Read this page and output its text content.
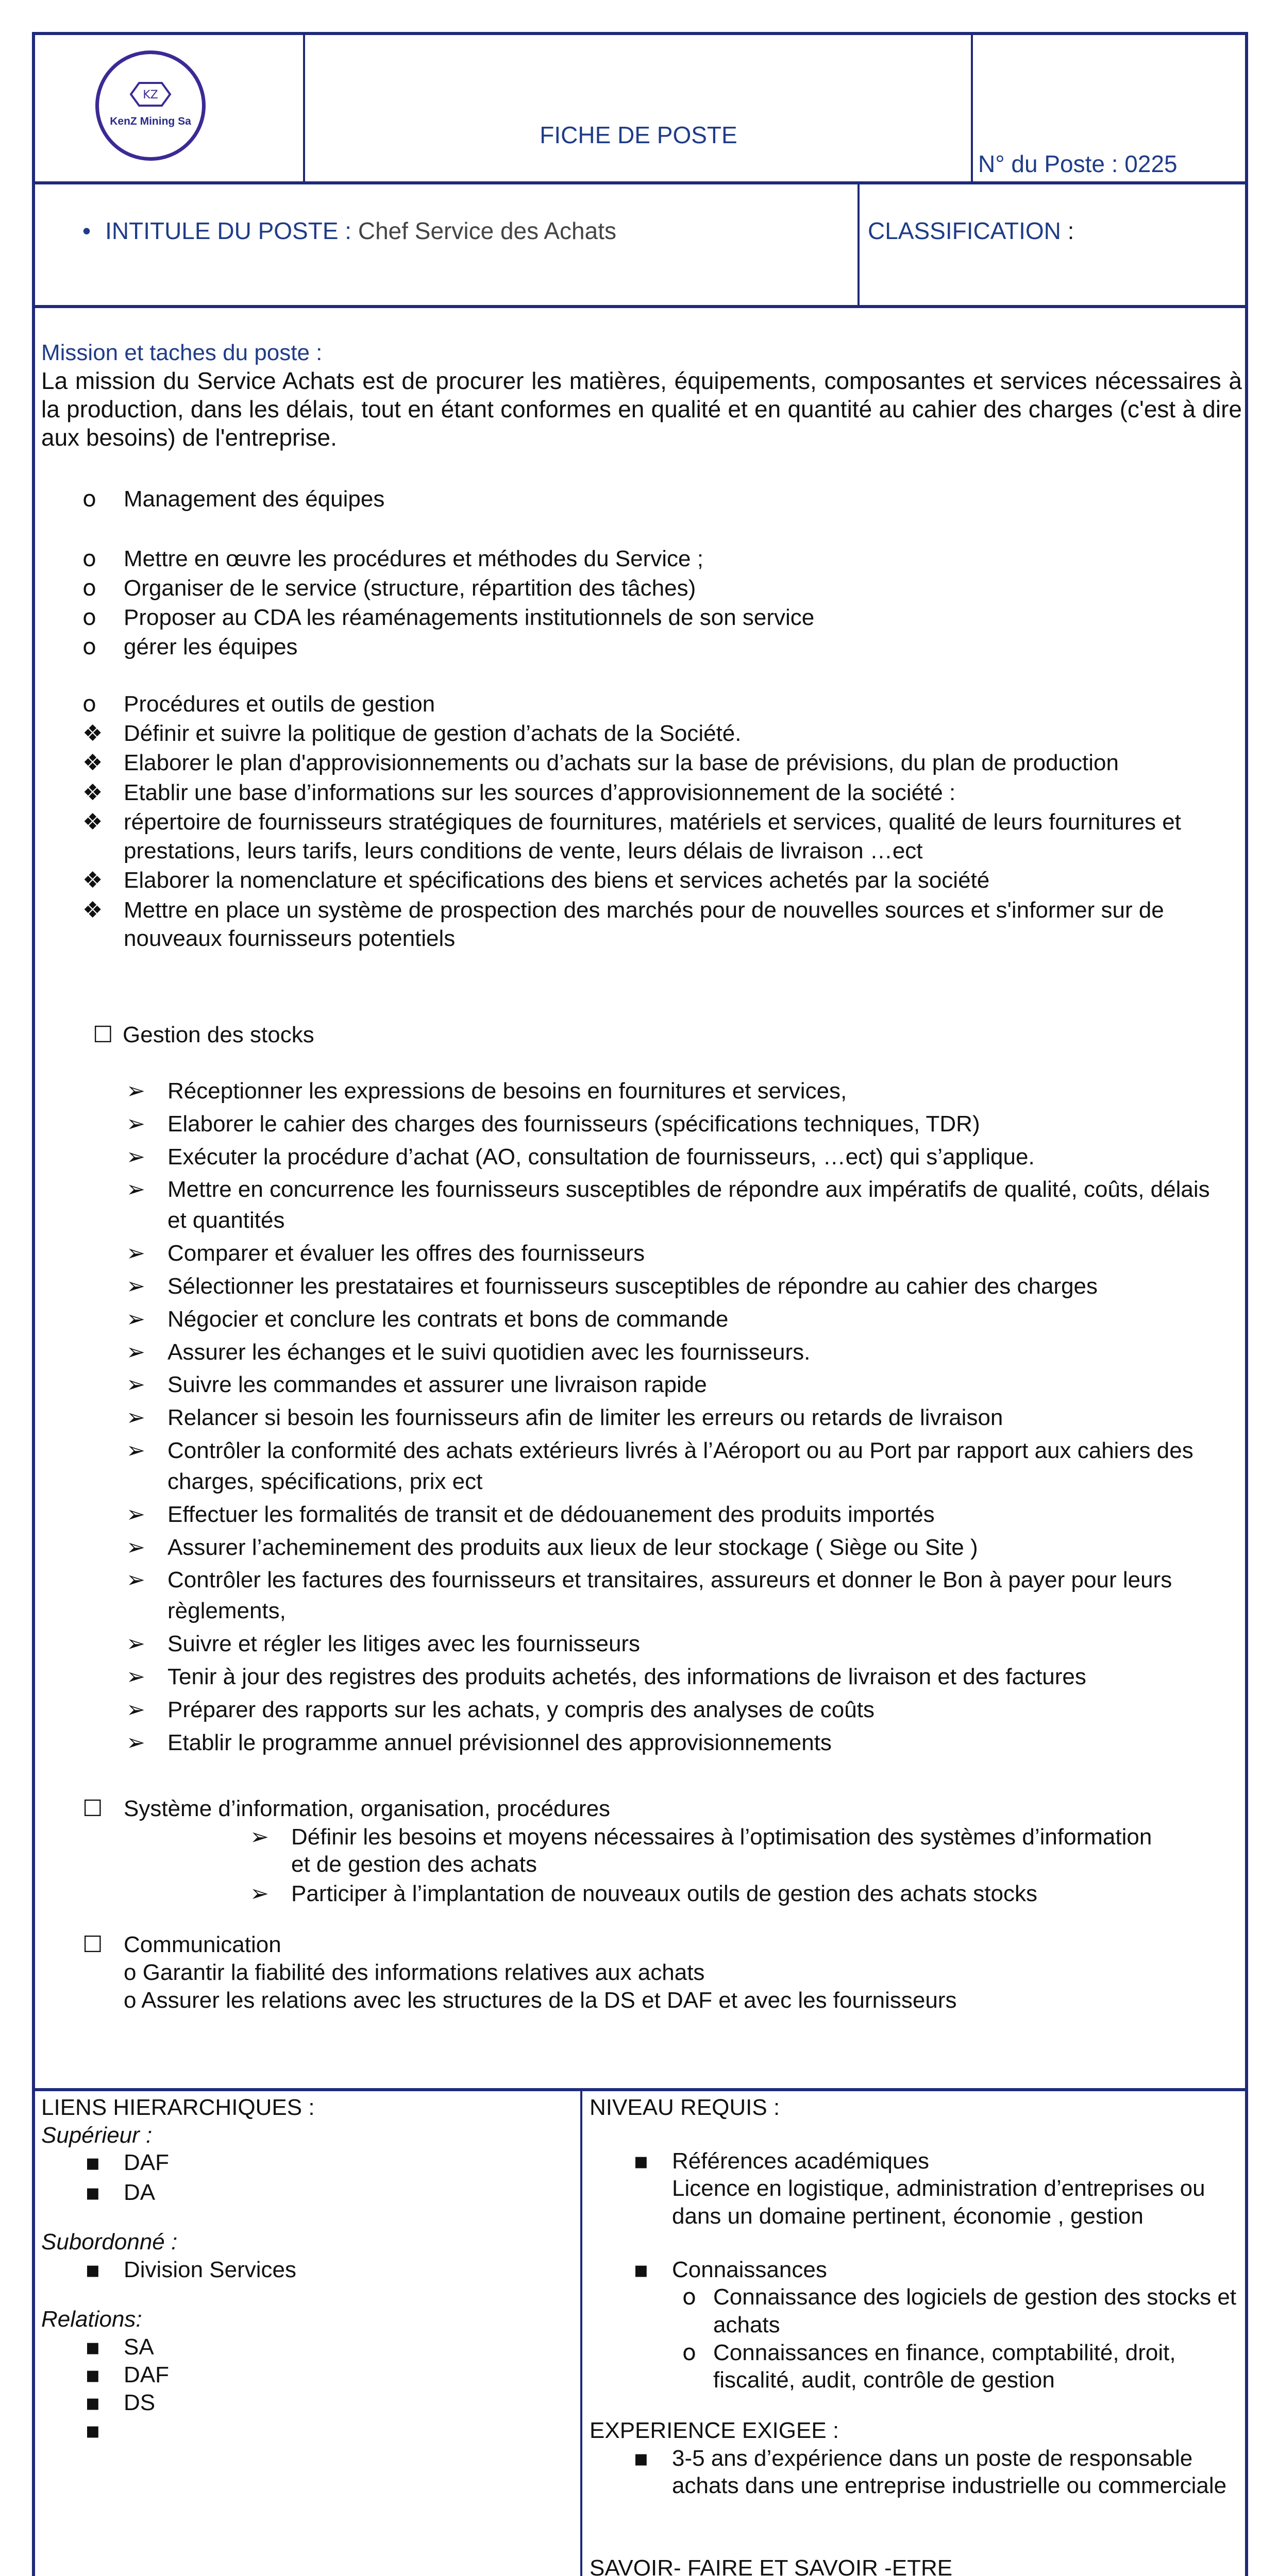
KZ
KenZ Mining Sa
FICHE DE POSTE
N° du Poste : 0225
• INTITULE DU POSTE : Chef Service des Achats	CLASSIFICATION :
Mission et taches du poste :
La mission du Service Achats est de procurer les matières, équipements, composantes et services nécessaires à la production, dans les délais, tout en étant conformes en qualité et en quantité au cahier des charges (c'est à dire aux besoins) de l'entreprise.
o Management des équipes
o Mettre en œuvre les procédures et méthodes du Service ;
o Organiser de le service (structure, répartition des tâches)
o Proposer au CDA les réaménagements institutionnels de son service
o gérer les équipes
o Procédures et outils de gestion
❖ Définir et suivre la politique de gestion d’achats de la Société.
❖ Elaborer le plan d'approvisionnements ou d’achats sur la base de prévisions, du plan de production
❖ Etablir une base d’informations sur les sources d’approvisionnement de la société :
❖ répertoire de fournisseurs stratégiques de fournitures, matériels et services, qualité de leurs fournitures et prestations, leurs tarifs, leurs conditions de vente, leurs délais de livraison …ect
❖ Elaborer la nomenclature et spécifications des biens et services achetés par la société
❖ Mettre en place un système de prospection des marchés pour de nouvelles sources et s'informer sur de nouveaux fournisseurs potentiels
☐ Gestion des stocks
➢ Réceptionner les expressions de besoins en fournitures et services,
➢ Elaborer le cahier des charges des fournisseurs (spécifications techniques, TDR)
➢ Exécuter la procédure d’achat (AO, consultation de fournisseurs, …ect) qui s’applique.
➢ Mettre en concurrence les fournisseurs susceptibles de répondre aux impératifs de qualité, coûts, délais et quantités
➢ Comparer et évaluer les offres des fournisseurs
➢ Sélectionner les prestataires et fournisseurs susceptibles de répondre au cahier des charges
➢ Négocier et conclure les contrats et bons de commande
➢ Assurer les échanges et le suivi quotidien avec les fournisseurs.
➢ Suivre les commandes et assurer une livraison rapide
➢ Relancer si besoin les fournisseurs afin de limiter les erreurs ou retards de livraison
➢ Contrôler la conformité des achats extérieurs livrés à l’Aéroport ou au Port par rapport aux cahiers des charges, spécifications, prix ect
➢ Effectuer les formalités de transit et de dédouanement des produits importés
➢ Assurer l’acheminement des produits aux lieux de leur stockage ( Siège ou Site )
➢ Contrôler les factures des fournisseurs et transitaires, assureurs et donner le Bon à payer pour leurs règlements,
➢ Suivre et régler les litiges avec les fournisseurs
➢ Tenir à jour des registres des produits achetés, des informations de livraison et des factures
➢ Préparer des rapports sur les achats, y compris des analyses de coûts
➢ Etablir le programme annuel prévisionnel des approvisionnements
☐ Système d’information, organisation, procédures
➢ Définir les besoins et moyens nécessaires à l’optimisation des systèmes d’information et de gestion des achats
➢ Participer à l’implantation de nouveaux outils de gestion des achats stocks
☐ Communication
o Garantir la fiabilité des informations relatives aux achats
o Assurer les relations avec les structures de la DS et DAF et avec les fournisseurs
LIENS HIERARCHIQUES :
Supérieur :
▪ DAF
▪ DA
Subordonné :
▪ Division Services
Relations:
▪ SA
▪ DAF
▪ DS
▪
NIVEAU REQUIS :
▪ Références académiques
Licence en logistique, administration d’entreprises ou dans un domaine pertinent, économie , gestion
▪ Connaissances
o Connaissance des logiciels de gestion des stocks et achats
o Connaissances en finance, comptabilité, droit, fiscalité, audit, contrôle de gestion
EXPERIENCE EXIGEE :
▪ 3-5 ans d’expérience dans un poste de responsable achats dans une entreprise industrielle ou commerciale
SAVOIR- FAIRE ET SAVOIR -ETRE
